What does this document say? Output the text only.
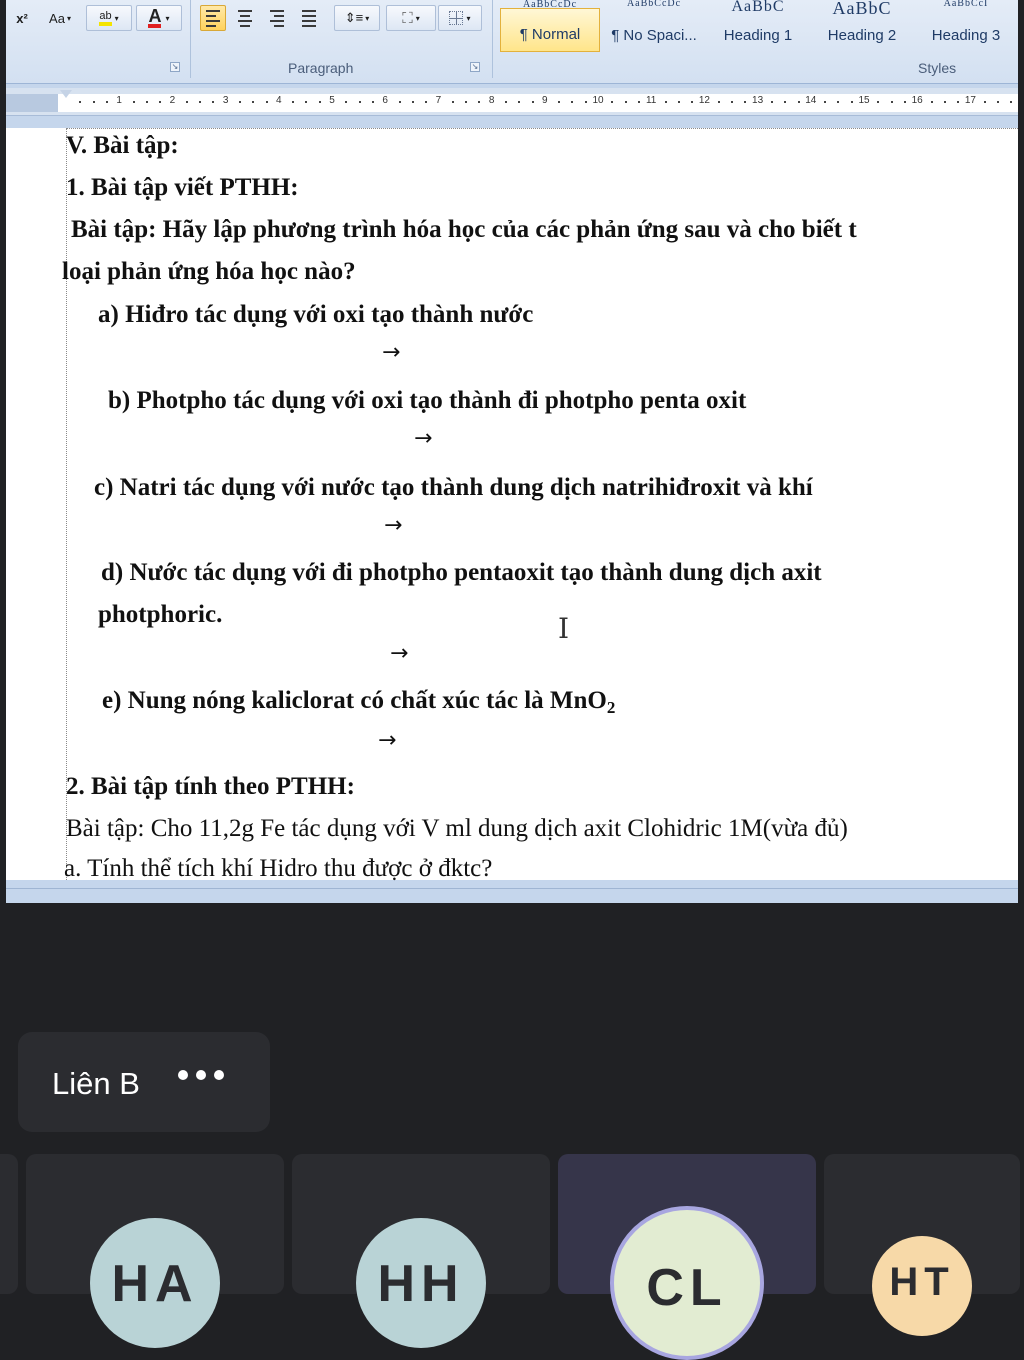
x² Aa ▾	ab ▾ A ▾	⇕≡ ▾ ⛶ ▾	▾
↘	Paragraph	↘
AaBbCcDc
¶ Normal
AaBbCcDc
¶ No Spaci...
AaBbC
Heading 1
AaBbC
Heading 2
AaBbCcI
Heading 3
Styles
1	2	3	4	5	6	7	8	9	10	11	12	13	14	15	16	17
V. Bài tập:
1. Bài tập viết PTHH:
Bài tập: Hãy lập phương trình hóa học của các phản ứng sau và cho biết t
loại phản ứng hóa học nào?
a) Hiđro tác dụng với oxi tạo thành nước
→
b) Photpho tác dụng với oxi tạo thành đi photpho penta oxit
→
c) Natri tác dụng với nước tạo thành dung dịch natrihiđroxit và khí
→
d) Nước tác dụng với đi photpho pentaoxit tạo thành dung dịch axit
photphoric.	I
→
e) Nung nóng kaliclorat có chất xúc tác là MnO$_2$
→
2. Bài tập tính theo PTHH:
Bài tập: Cho 11,2g Fe tác dụng với V ml dung dịch axit Clohidric 1M(vừa đủ)
a. Tính thể tích khí Hidro thu được ở đktc?
Liên B
HA	HH	CL	HT
